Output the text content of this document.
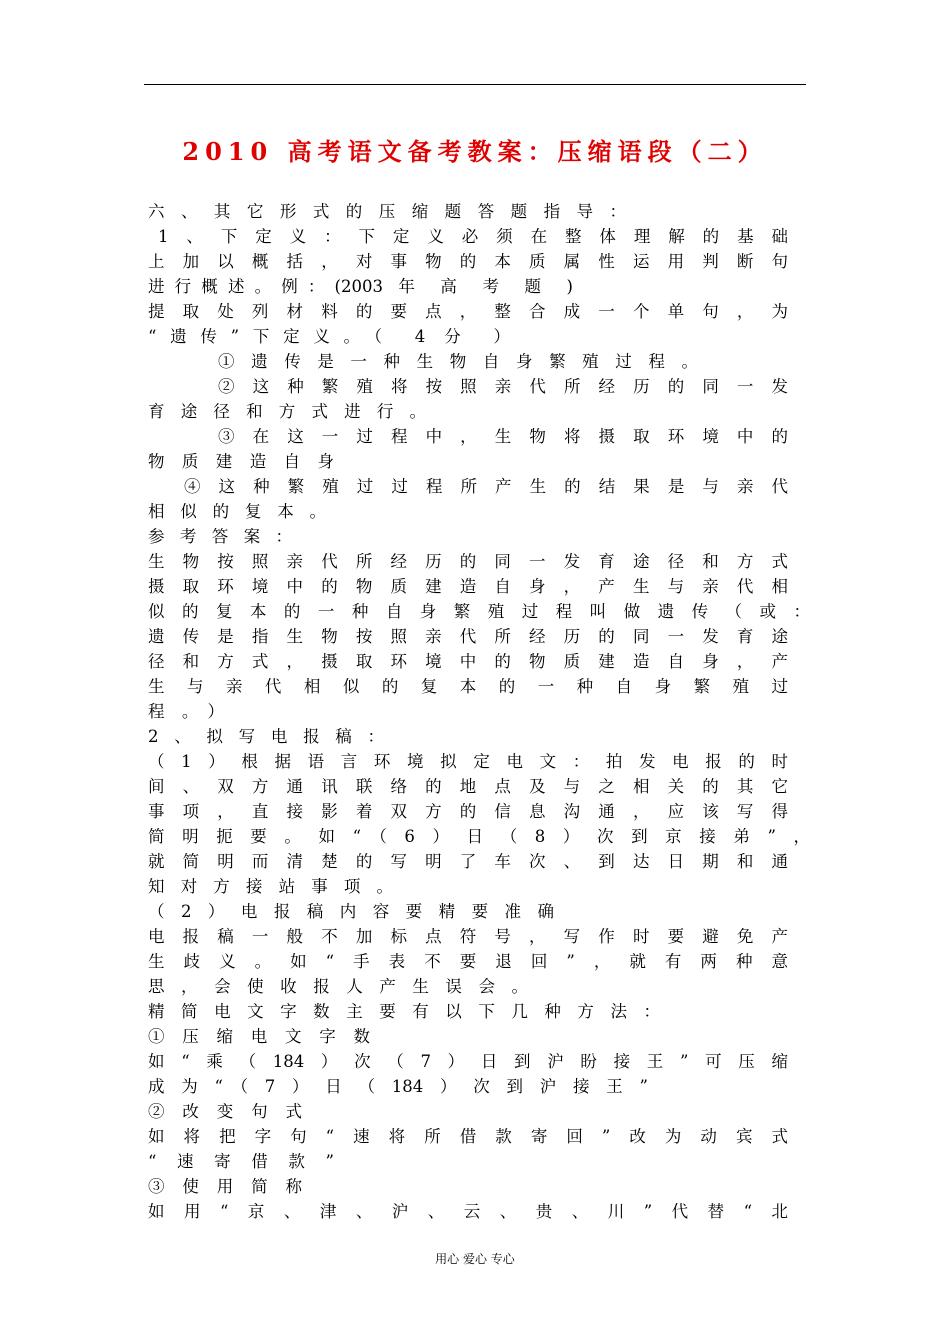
2010 高考语文备考教案：压缩语段（二）
六、其它形式的压缩题答题指导：
1、下定义：下定义必须在整体理解的基础
上加以概括，对事物的本质属性运用判断句
进行概述。例：(2003 年 高 考 题 )
提取处列材料的要点，整合成一个单句，为
“遗传”下定义。（ 4 分 ）
①遗传是一种生物自身繁殖过程。
②这种繁殖将按照亲代所经历的同一发
育途径和方式进行。
③在这一过程中，生物将摄取环境中的
物质建造自身
④这种繁殖过过程所产生的结果是与亲代
相似的复本。
参考答案：
生物按照亲代所经历的同一发育途径和方式
摄取环境中的物质建造自身，产生与亲代相
似的复本的一种自身繁殖过程叫做遗传（或：
遗传是指生物按照亲代所经历的同一发育途
径和方式，摄取环境中的物质建造自身，产
生与亲代相似的复本的一种自身繁殖过
程。）
2、拟写电报稿：
（1）根据语言环境拟定电文：拍发电报的时
间、双方通讯联络的地点及与之相关的其它
事项，直接影着双方的信息沟通，应该写得
简明扼要。如“（6）日（8）次到京接弟”，
就简明而清楚的写明了车次、到达日期和通
知对方接站事项。
（2）电报稿内容要精要准确
电报稿一般不加标点符号，写作时要避免产
生歧义。如“手表不要退回”，就有两种意
思，会使收报人产生误会。
精简电文字数主要有以下几种方法：
①压缩电文字数
如“乘（184）次（7）日到沪盼接王”可压缩
成为“（7）日（184）次到沪接王”
②改变句式
如将把字句“速将所借款寄回”改为动宾式
“速寄借款”
③使用简称
如用“京、津、沪、云、贵、川”代替“北
用心 爱心 专心
